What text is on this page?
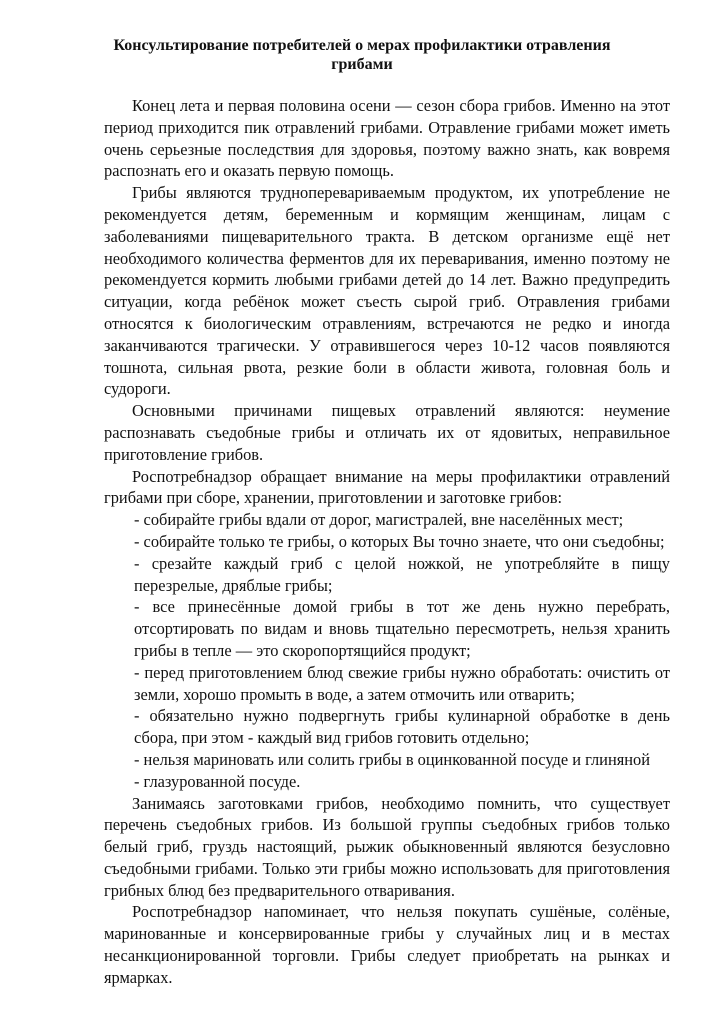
Консультирование потребителей о мерах профилактики отравления
грибами

Конец лета и первая половина осени — сезон сбора грибов. Именно на этот период приходится пик отравлений грибами. Отравление грибами может иметь очень серьезные последствия для здоровья, поэтому важно знать, как вовремя распознать его и оказать первую помощь.

Грибы являются трудноперевариваемым продуктом, их употребление не рекомендуется детям, беременным и кормящим женщинам, лицам с заболеваниями пищеварительного тракта. В детском организме ещё нет необходимого количества ферментов для их переваривания, именно поэтому не рекомендуется кормить любыми грибами детей до 14 лет. Важно предупредить ситуации, когда ребёнок может съесть сырой гриб. Отравления грибами относятся к биологическим отравлениям, встречаются не редко и иногда заканчиваются трагически. У отравившегося через 10-12 часов появляются тошнота, сильная рвота, резкие боли в области живота, головная боль и судороги.

Основными причинами пищевых отравлений являются: неумение распознавать съедобные грибы и отличать их от ядовитых, неправильное приготовление грибов.

Роспотребнадзор обращает внимание на меры профилактики отравлений грибами при сборе, хранении, приготовлении и заготовке грибов:

- собирайте грибы вдали от дорог, магистралей, вне населённых мест;

- собирайте только те грибы, о которых Вы точно знаете, что они съедобны;

- срезайте каждый гриб с целой ножкой, не употребляйте в пищу перезрелые, дряблые грибы;

- все принесённые домой грибы в тот же день нужно перебрать, отсортировать по видам и вновь тщательно пересмотреть, нельзя хранить грибы в тепле — это скоропортящийся продукт;

- перед приготовлением блюд свежие грибы нужно обработать: очистить от земли, хорошо промыть в воде, а затем отмочить или отварить;

- обязательно нужно подвергнуть грибы кулинарной обработке в день сбора, при этом - каждый вид грибов готовить отдельно;

- нельзя мариновать или солить грибы в оцинкованной посуде и глиняной

- глазурованной посуде.

Занимаясь заготовками грибов, необходимо помнить, что существует перечень съедобных грибов. Из большой группы съедобных грибов только белый гриб, груздь настоящий, рыжик обыкновенный являются безусловно съедобными грибами. Только эти грибы можно использовать для приготовления грибных блюд без предварительного отваривания.

Роспотребнадзор напоминает, что нельзя покупать сушёные, солёные, маринованные и консервированные грибы у случайных лиц и в местах несанкционированной торговли. Грибы следует приобретать на рынках и ярмарках.
